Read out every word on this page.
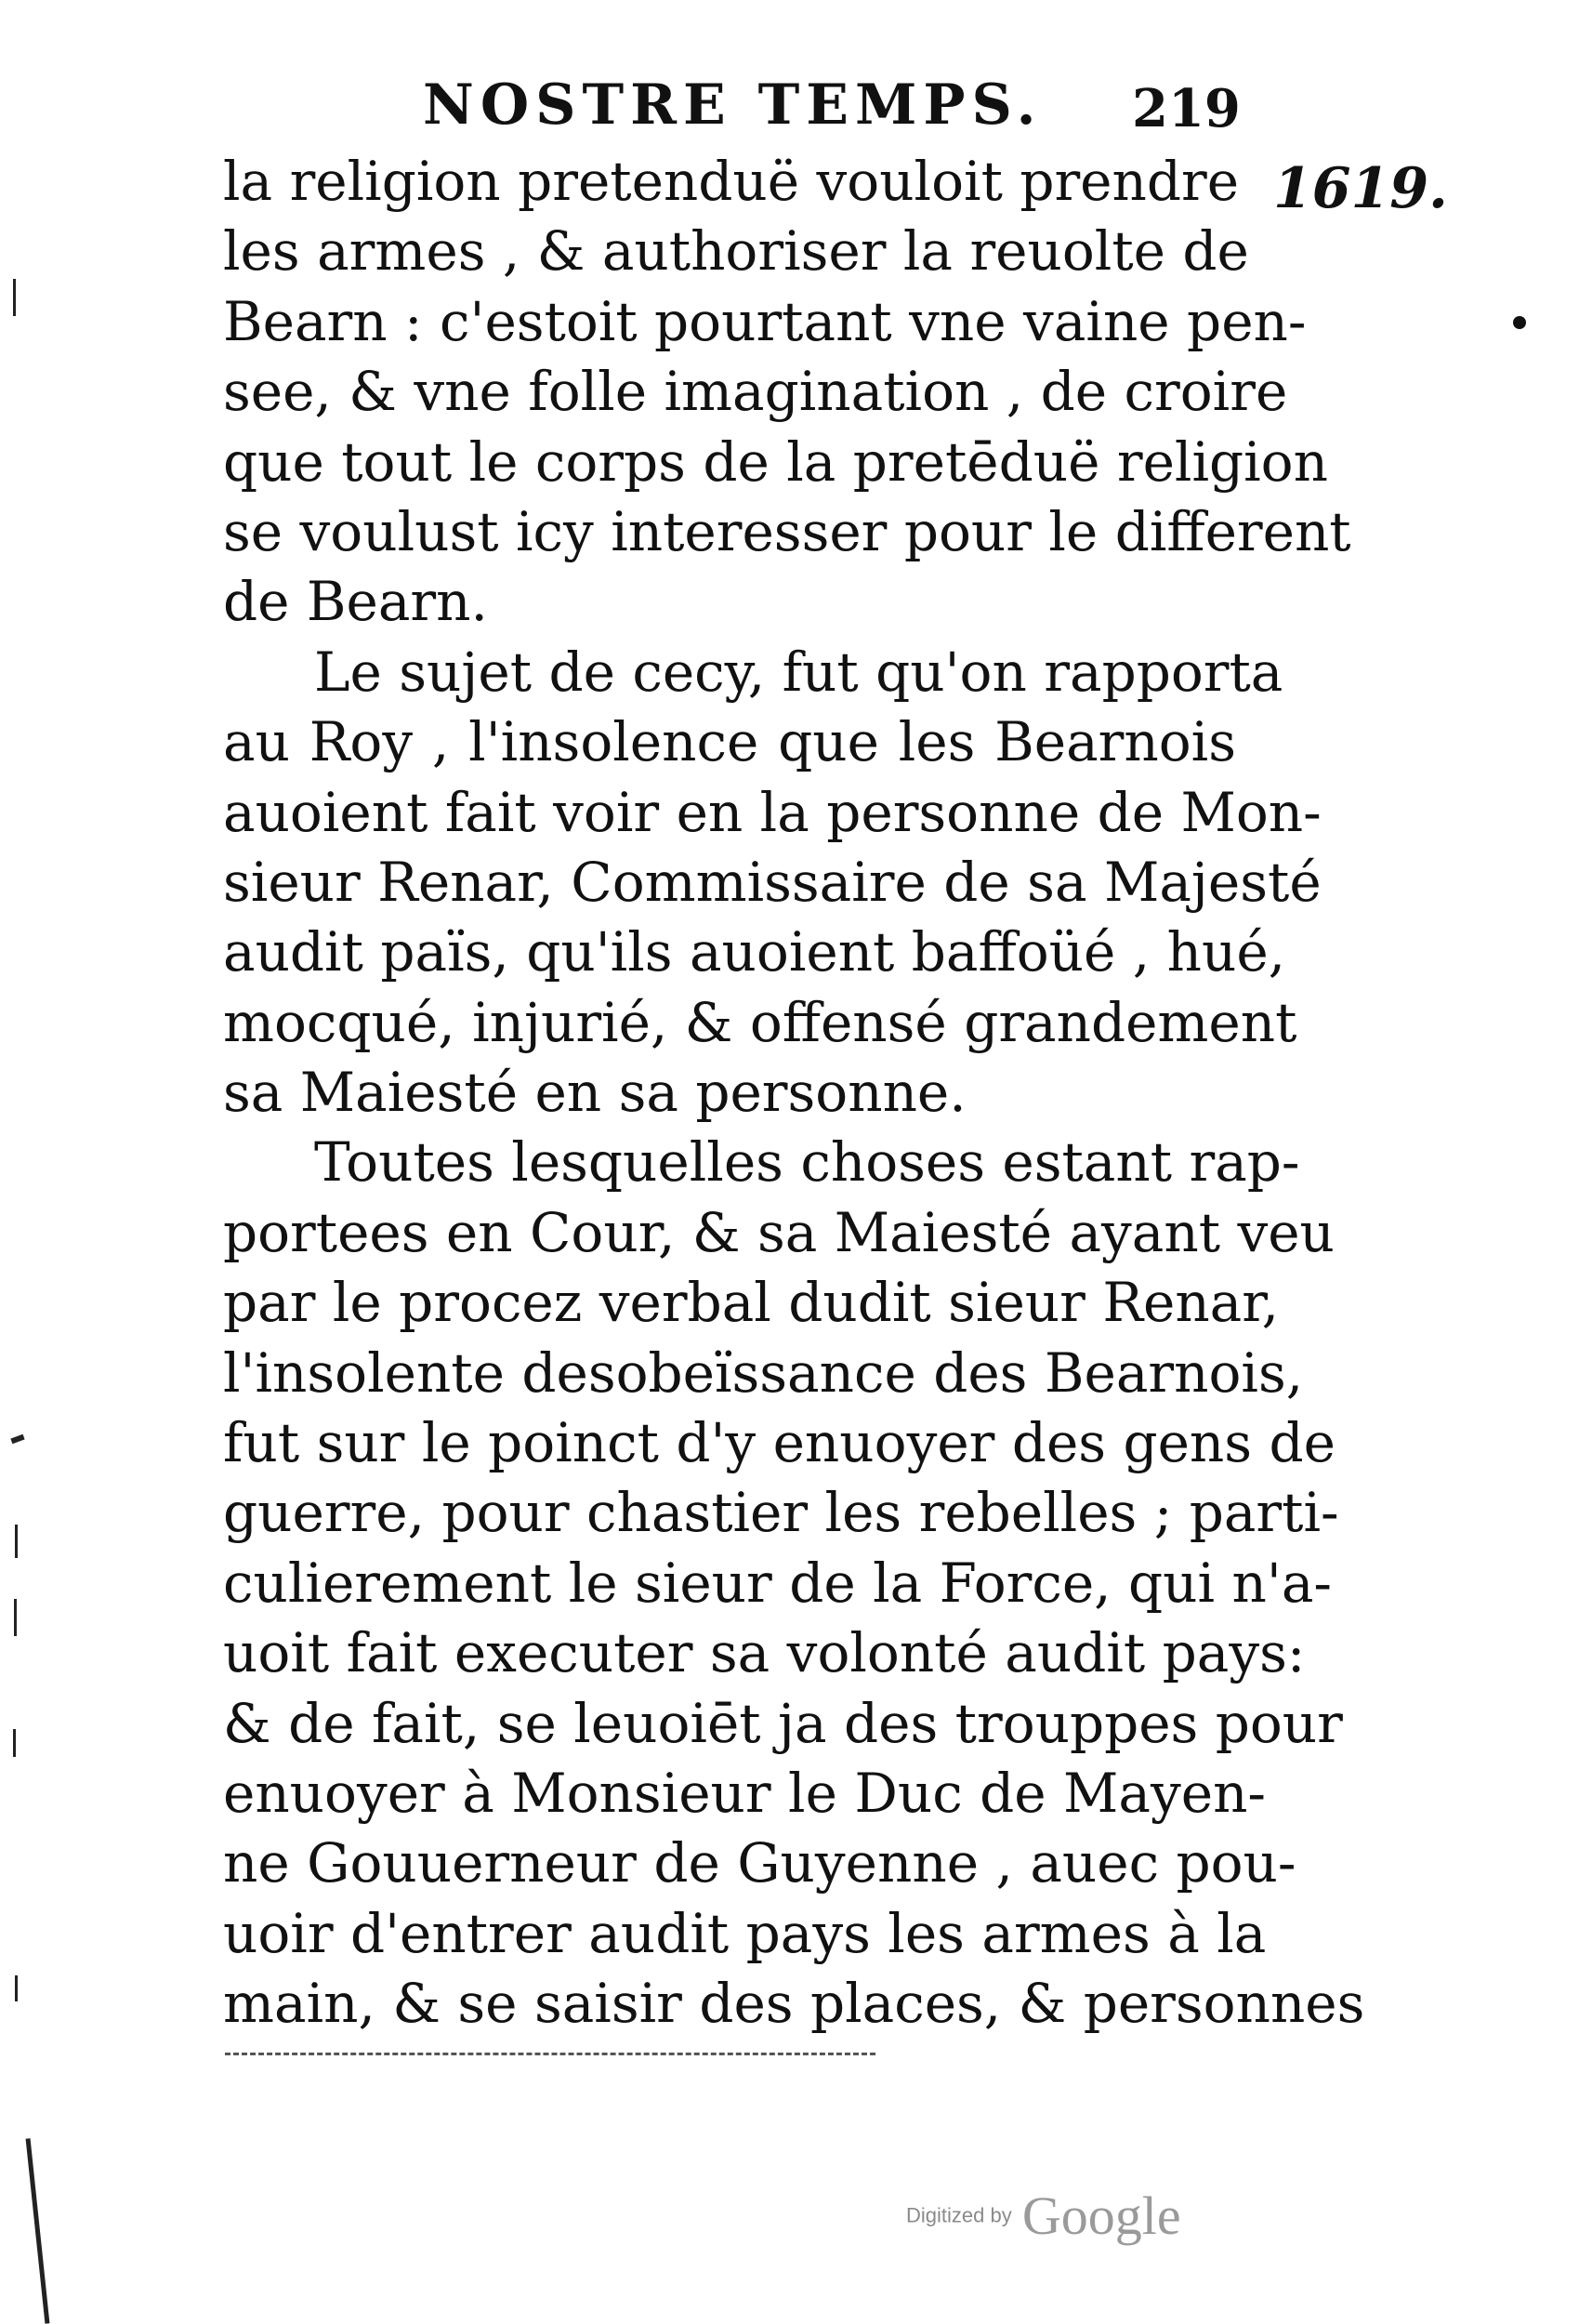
NOSTRE TEMPS. 219
1619.
la religion pretenduë vouloit prendre
les armes , & authoriser la reuolte de
Bearn : c'estoit pourtant vne vaine pen-
see, & vne folle imagination , de croire
que tout le corps de la pretēduë religion
se voulust icy interesser pour le different
de Bearn.
Le sujet de cecy, fut qu'on rapporta
au Roy , l'insolence que les Bearnois
auoient fait voir en la personne de Mon-
sieur Renar, Commissaire de sa Majesté
audit païs, qu'ils auoient baffoüé , hué,
mocqué, injurié, & offensé grandement
sa Maiesté en sa personne.
Toutes lesquelles choses estant rap-
portees en Cour, & sa Maiesté ayant veu
par le procez verbal dudit sieur Renar,
l'insolente desobeïssance des Bearnois,
fut sur le poinct d'y enuoyer des gens de
guerre, pour chastier les rebelles ; parti-
culierement le sieur de la Force, qui n'a-
uoit fait executer sa volonté audit pays:
& de fait, se leuoiēt ja des trouppes pour
enuoyer à Monsieur le Duc de Mayen-
ne Gouuerneur de Guyenne , auec pou-
uoir d'entrer audit pays les armes à la
main, & se saisir des places, & personnes
Digitized by Google
